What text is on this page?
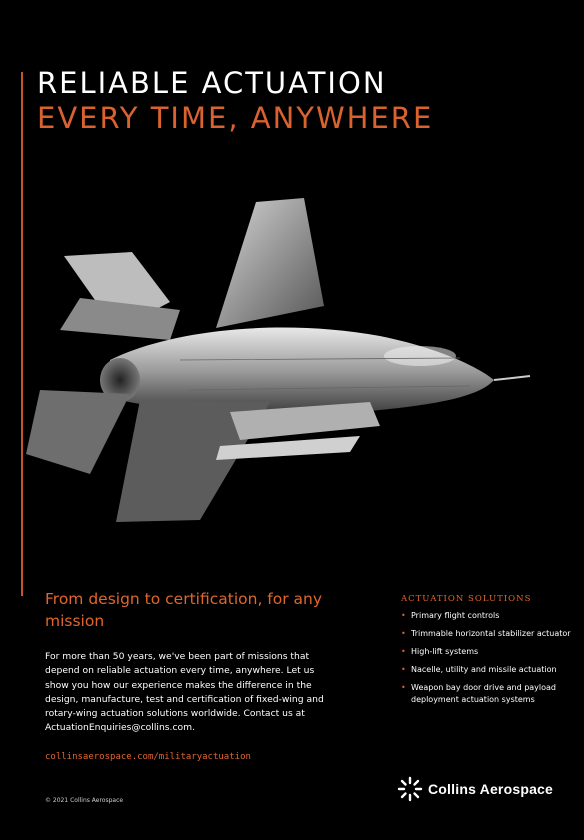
RELIABLE ACTUATION
EVERY TIME, ANYWHERE
From design to certification, for any mission

For more than 50 years, we've been part of missions that depend on reliable actuation every time, anywhere. Let us show you how our experience makes the difference in the design, manufacture, test and certification of fixed-wing and rotary-wing actuation solutions worldwide. Contact us at ActuationEnquiries@collins.com.

collinsaerospace.com/militaryactuation
© 2021 Collins Aerospace
ACTUATION SOLUTIONS
• Primary flight controls
• Trimmable horizontal stabilizer actuator
• High-lift systems
• Nacelle, utility and missile actuation
• Weapon bay door drive and payload deployment actuation systems
Collins Aerospace
